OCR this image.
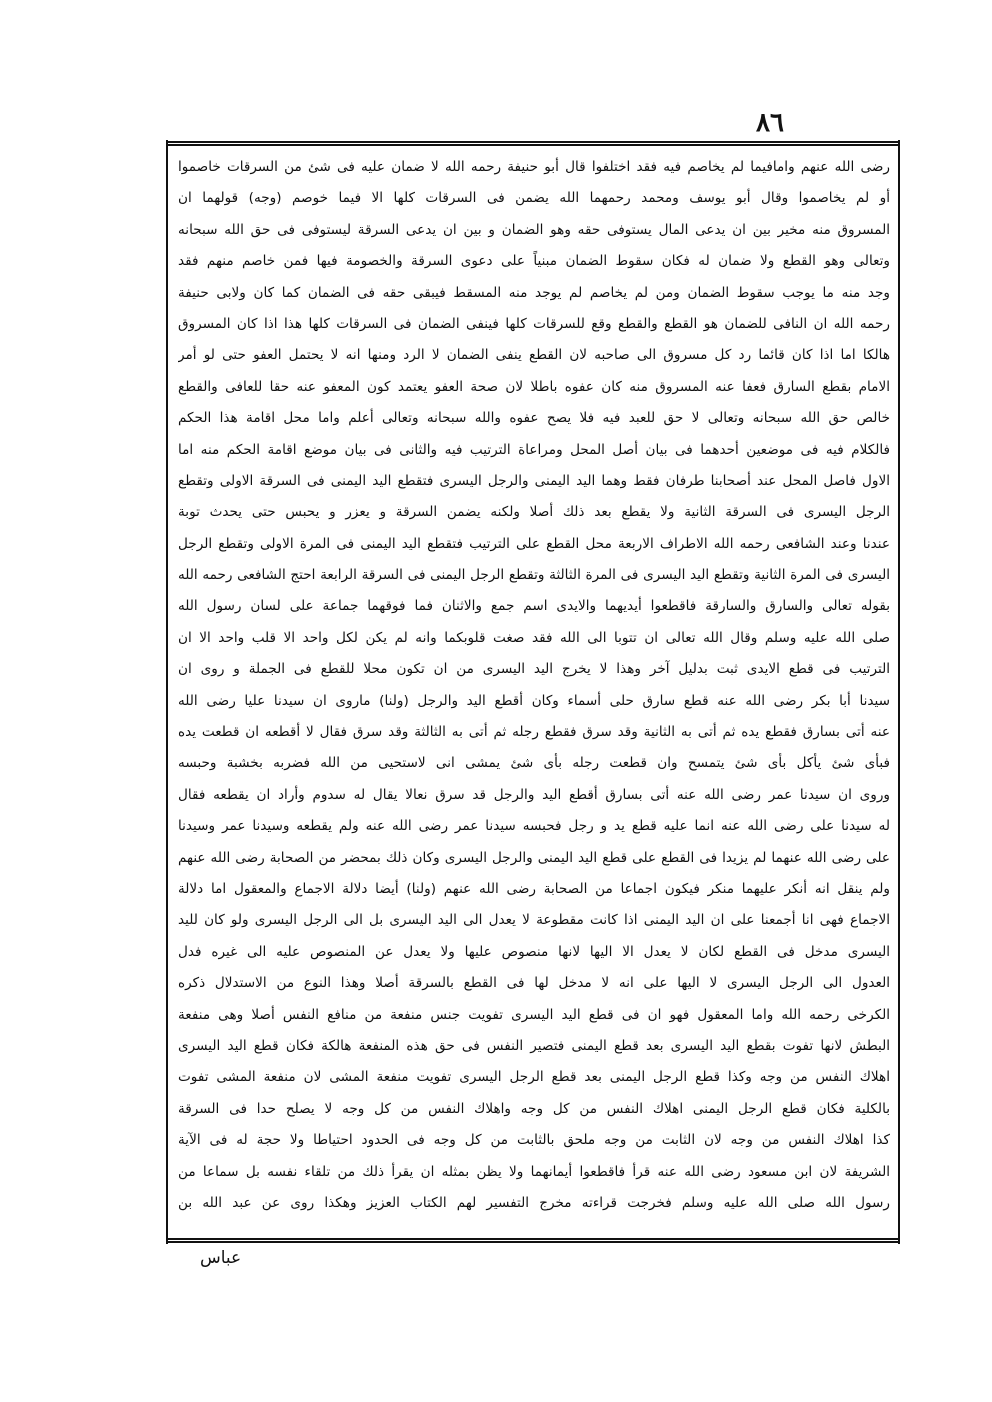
٨٦
رضى الله عنهم وامافيما لم يخاصم فيه فقد اختلفوا قال أبو حنيفة رحمه الله لا ضمان عليه فى شئ من السرقات خاصموا
أو لم يخاصموا وقال أبو يوسف ومحمد رحمهما الله يضمن فى السرقات كلها الا فيما خوصم (وجه) قولهما ان
المسروق منه مخير بين ان يدعى المال يستوفى حقه وهو الضمان و بين ان يدعى السرقة ليستوفى فى حق الله سبحانه
وتعالى وهو القطع ولا ضمان له فكان سقوط الضمان مبنياً على دعوى السرقة والخصومة فيها فمن خاصم منهم فقد
وجد منه ما يوجب سقوط الضمان ومن لم يخاصم لم يوجد منه المسقط فيبقى حقه فى الضمان كما كان ولابى حنيفة
رحمه الله ان النافى للضمان هو القطع والقطع وقع للسرقات كلها فينفى الضمان فى السرقات كلها هذا اذا كان المسروق
هالكا اما اذا كان قائما رد كل مسروق الى صاحبه لان القطع ينفى الضمان لا الرد ومنها انه لا يحتمل العفو حتى لو أمر
الامام بقطع السارق فعفا عنه المسروق منه كان عفوه باطلا لان صحة العفو يعتمد كون المعفو عنه حقا للعافى والقطع
خالص حق الله سبحانه وتعالى لا حق للعبد فيه فلا يصح عفوه والله سبحانه وتعالى أعلم واما محل اقامة هذا الحكم
فالكلام فيه فى موضعين أحدهما فى بيان أصل المحل ومراعاة الترتيب فيه والثانى فى بيان موضع اقامة الحكم منه اما
الاول فاصل المحل عند أصحابنا طرفان فقط وهما اليد اليمنى والرجل اليسرى فتقطع اليد اليمنى فى السرقة الاولى وتقطع
الرجل اليسرى فى السرقة الثانية ولا يقطع بعد ذلك أصلا ولكنه يضمن السرقة و يعزر و يحبس حتى يحدث توبة
عندنا وعند الشافعى رحمه الله الاطراف الاربعة محل القطع على الترتيب فتقطع اليد اليمنى فى المرة الاولى وتقطع الرجل
اليسرى فى المرة الثانية وتقطع اليد اليسرى فى المرة الثالثة وتقطع الرجل اليمنى فى السرقة الرابعة احتج الشافعى رحمه الله
بقوله تعالى والسارق والسارقة فاقطعوا أيديهما والايدى اسم جمع والاثنان فما فوقهما جماعة على لسان رسول الله
صلى الله عليه وسلم وقال الله تعالى ان تتوبا الى الله فقد صغت قلوبكما وانه لم يكن لكل واحد الا قلب واحد الا ان
الترتيب فى قطع الايدى ثبت بدليل آخر وهذا لا يخرج اليد اليسرى من ان تكون محلا للقطع فى الجملة و روى ان
سيدنا أبا بكر رضى الله عنه قطع سارق حلى أسماء وكان أقطع اليد والرجل (ولنا) ماروى ان سيدنا عليا رضى الله
عنه أتى بسارق فقطع يده ثم أتى به الثانية وقد سرق فقطع رجله ثم أتى به الثالثة وقد سرق فقال لا أقطعه ان قطعت يده
فبأى شئ يأكل بأى شئ يتمسح وان قطعت رجله بأى شئ يمشى انى لاستحيى من الله فضربه بخشبة وحبسه
وروى ان سيدنا عمر رضى الله عنه أتى بسارق أقطع اليد والرجل قد سرق نعالا يقال له سدوم وأراد ان يقطعه فقال
له سيدنا على رضى الله عنه انما عليه قطع يد و رجل فحبسه سيدنا عمر رضى الله عنه ولم يقطعه وسيدنا عمر وسيدنا
على رضى الله عنهما لم يزيدا فى القطع على قطع اليد اليمنى والرجل اليسرى وكان ذلك بمحضر من الصحابة رضى الله عنهم
ولم ينقل انه أنكر عليهما منكر فيكون اجماعا من الصحابة رضى الله عنهم (ولنا) أيضا دلالة الاجماع والمعقول اما دلالة
الاجماع فهى انا أجمعنا على ان اليد اليمنى اذا كانت مقطوعة لا يعدل الى اليد اليسرى بل الى الرجل اليسرى ولو كان لليد
اليسرى مدخل فى القطع لكان لا يعدل الا اليها لانها منصوص عليها ولا يعدل عن المنصوص عليه الى غيره فدل
العدول الى الرجل اليسرى لا اليها على انه لا مدخل لها فى القطع بالسرقة أصلا وهذا النوع من الاستدلال ذكره
الكرخى رحمه الله واما المعقول فهو ان فى قطع اليد اليسرى تفويت جنس منفعة من منافع النفس أصلا وهى منفعة
البطش لانها تفوت بقطع اليد اليسرى بعد قطع اليمنى فتصير النفس فى حق هذه المنفعة هالكة فكان قطع اليد اليسرى
اهلاك النفس من وجه وكذا قطع الرجل اليمنى بعد قطع الرجل اليسرى تفويت منفعة المشى لان منفعة المشى تفوت
بالكلية فكان قطع الرجل اليمنى اهلاك النفس من كل وجه واهلاك النفس من كل وجه لا يصلح حدا فى السرقة
كذا اهلاك النفس من وجه لان الثابت من وجه ملحق بالثابت من كل وجه فى الحدود احتياطا ولا حجة له فى الآية
الشريفة لان ابن مسعود رضى الله عنه قرأ فاقطعوا أيمانهما ولا يظن بمثله ان يقرأ ذلك من تلقاء نفسه بل سماعا من
رسول الله صلى الله عليه وسلم فخرجت قراءته مخرج التفسير لهم الكتاب العزيز وهكذا روى عن عبد الله بن
عباس
